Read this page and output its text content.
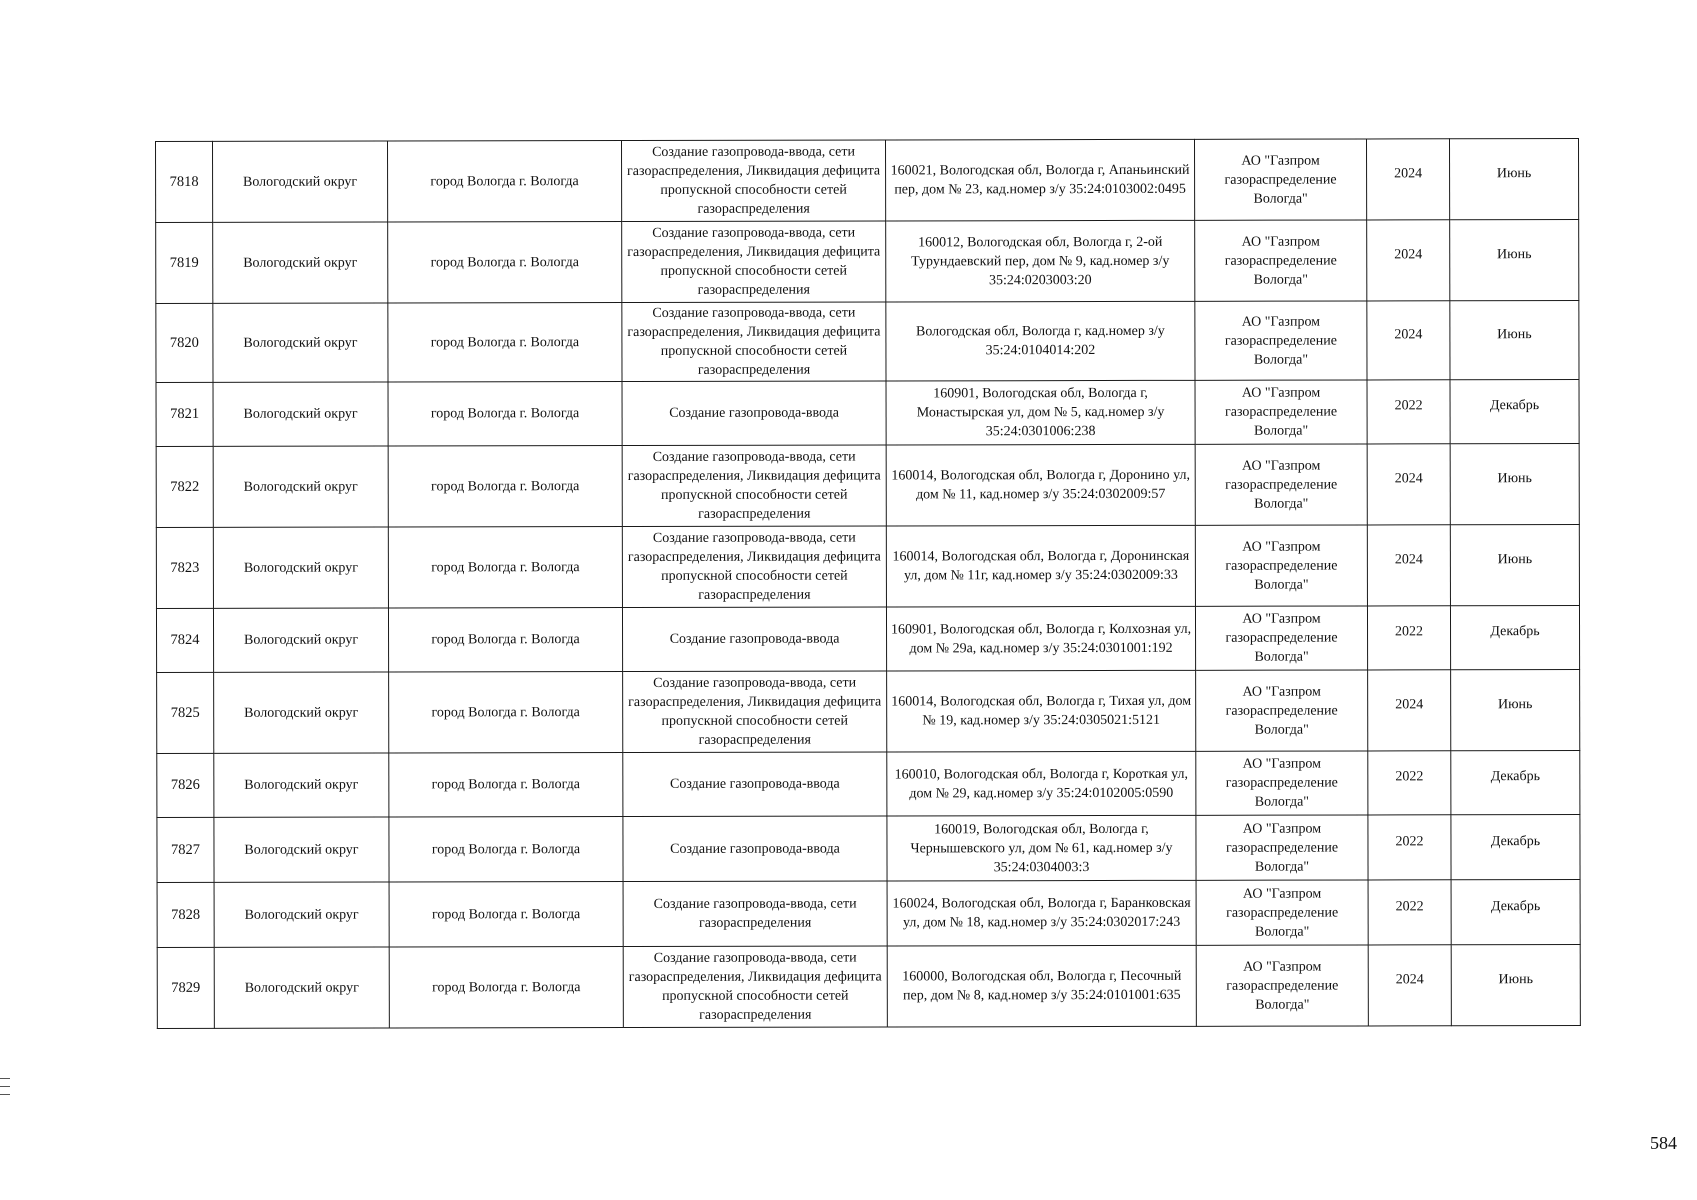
7818	Вологодский округ	город Вологда г. Вологда	Создание газопровода-ввода, сети газораспределения, Ликвидация дефицита пропускной способности сетей газораспределения	160021, Вологодская обл, Вологда г, Апаньинский пер, дом № 23, кад.номер з/у 35:24:0103002:0495	АО "Газпром газораспределение Вологда"	2024	Июнь
7819	Вологодский округ	город Вологда г. Вологда	Создание газопровода-ввода, сети газораспределения, Ликвидация дефицита пропускной способности сетей газораспределения	160012, Вологодская обл, Вологда г, 2-ой Турундаевский пер, дом № 9, кад.номер з/у 35:24:0203003:20	АО "Газпром газораспределение Вологда"	2024	Июнь
7820	Вологодский округ	город Вологда г. Вологда	Создание газопровода-ввода, сети газораспределения, Ликвидация дефицита пропускной способности сетей газораспределения	Вологодская обл, Вологда г, кад.номер з/у 35:24:0104014:202	АО "Газпром газораспределение Вологда"	2024	Июнь
7821	Вологодский округ	город Вологда г. Вологда	Создание газопровода-ввода	160901, Вологодская обл, Вологда г, Монастырская ул, дом № 5, кад.номер з/у 35:24:0301006:238	АО "Газпром газораспределение Вологда"	2022	Декабрь
7822	Вологодский округ	город Вологда г. Вологда	Создание газопровода-ввода, сети газораспределения, Ликвидация дефицита пропускной способности сетей газораспределения	160014, Вологодская обл, Вологда г, Доронино ул, дом № 11, кад.номер з/у 35:24:0302009:57	АО "Газпром газораспределение Вологда"	2024	Июнь
7823	Вологодский округ	город Вологда г. Вологда	Создание газопровода-ввода, сети газораспределения, Ликвидация дефицита пропускной способности сетей газораспределения	160014, Вологодская обл, Вологда г, Доронинская ул, дом № 11г, кад.номер з/у 35:24:0302009:33	АО "Газпром газораспределение Вологда"	2024	Июнь
7824	Вологодский округ	город Вологда г. Вологда	Создание газопровода-ввода	160901, Вологодская обл, Вологда г, Колхозная ул, дом № 29а, кад.номер з/у 35:24:0301001:192	АО "Газпром газораспределение Вологда"	2022	Декабрь
7825	Вологодский округ	город Вологда г. Вологда	Создание газопровода-ввода, сети газораспределения, Ликвидация дефицита пропускной способности сетей газораспределения	160014, Вологодская обл, Вологда г, Тихая ул, дом № 19, кад.номер з/у 35:24:0305021:5121	АО "Газпром газораспределение Вологда"	2024	Июнь
7826	Вологодский округ	город Вологда г. Вологда	Создание газопровода-ввода	160010, Вологодская обл, Вологда г, Короткая ул, дом № 29, кад.номер з/у 35:24:0102005:0590	АО "Газпром газораспределение Вологда"	2022	Декабрь
7827	Вологодский округ	город Вологда г. Вологда	Создание газопровода-ввода	160019, Вологодская обл, Вологда г, Чернышевского ул, дом № 61, кад.номер з/у 35:24:0304003:3	АО "Газпром газораспределение Вологда"	2022	Декабрь
7828	Вологодский округ	город Вологда г. Вологда	Создание газопровода-ввода, сети газораспределения	160024, Вологодская обл, Вологда г, Баранковская ул, дом № 18, кад.номер з/у 35:24:0302017:243	АО "Газпром газораспределение Вологда"	2022	Декабрь
7829	Вологодский округ	город Вологда г. Вологда	Создание газопровода-ввода, сети газораспределения, Ликвидация дефицита пропускной способности сетей газораспределения	160000, Вологодская обл, Вологда г, Песочный пер, дом № 8, кад.номер з/у 35:24:0101001:635	АО "Газпром газораспределение Вологда"	2024	Июнь
584
